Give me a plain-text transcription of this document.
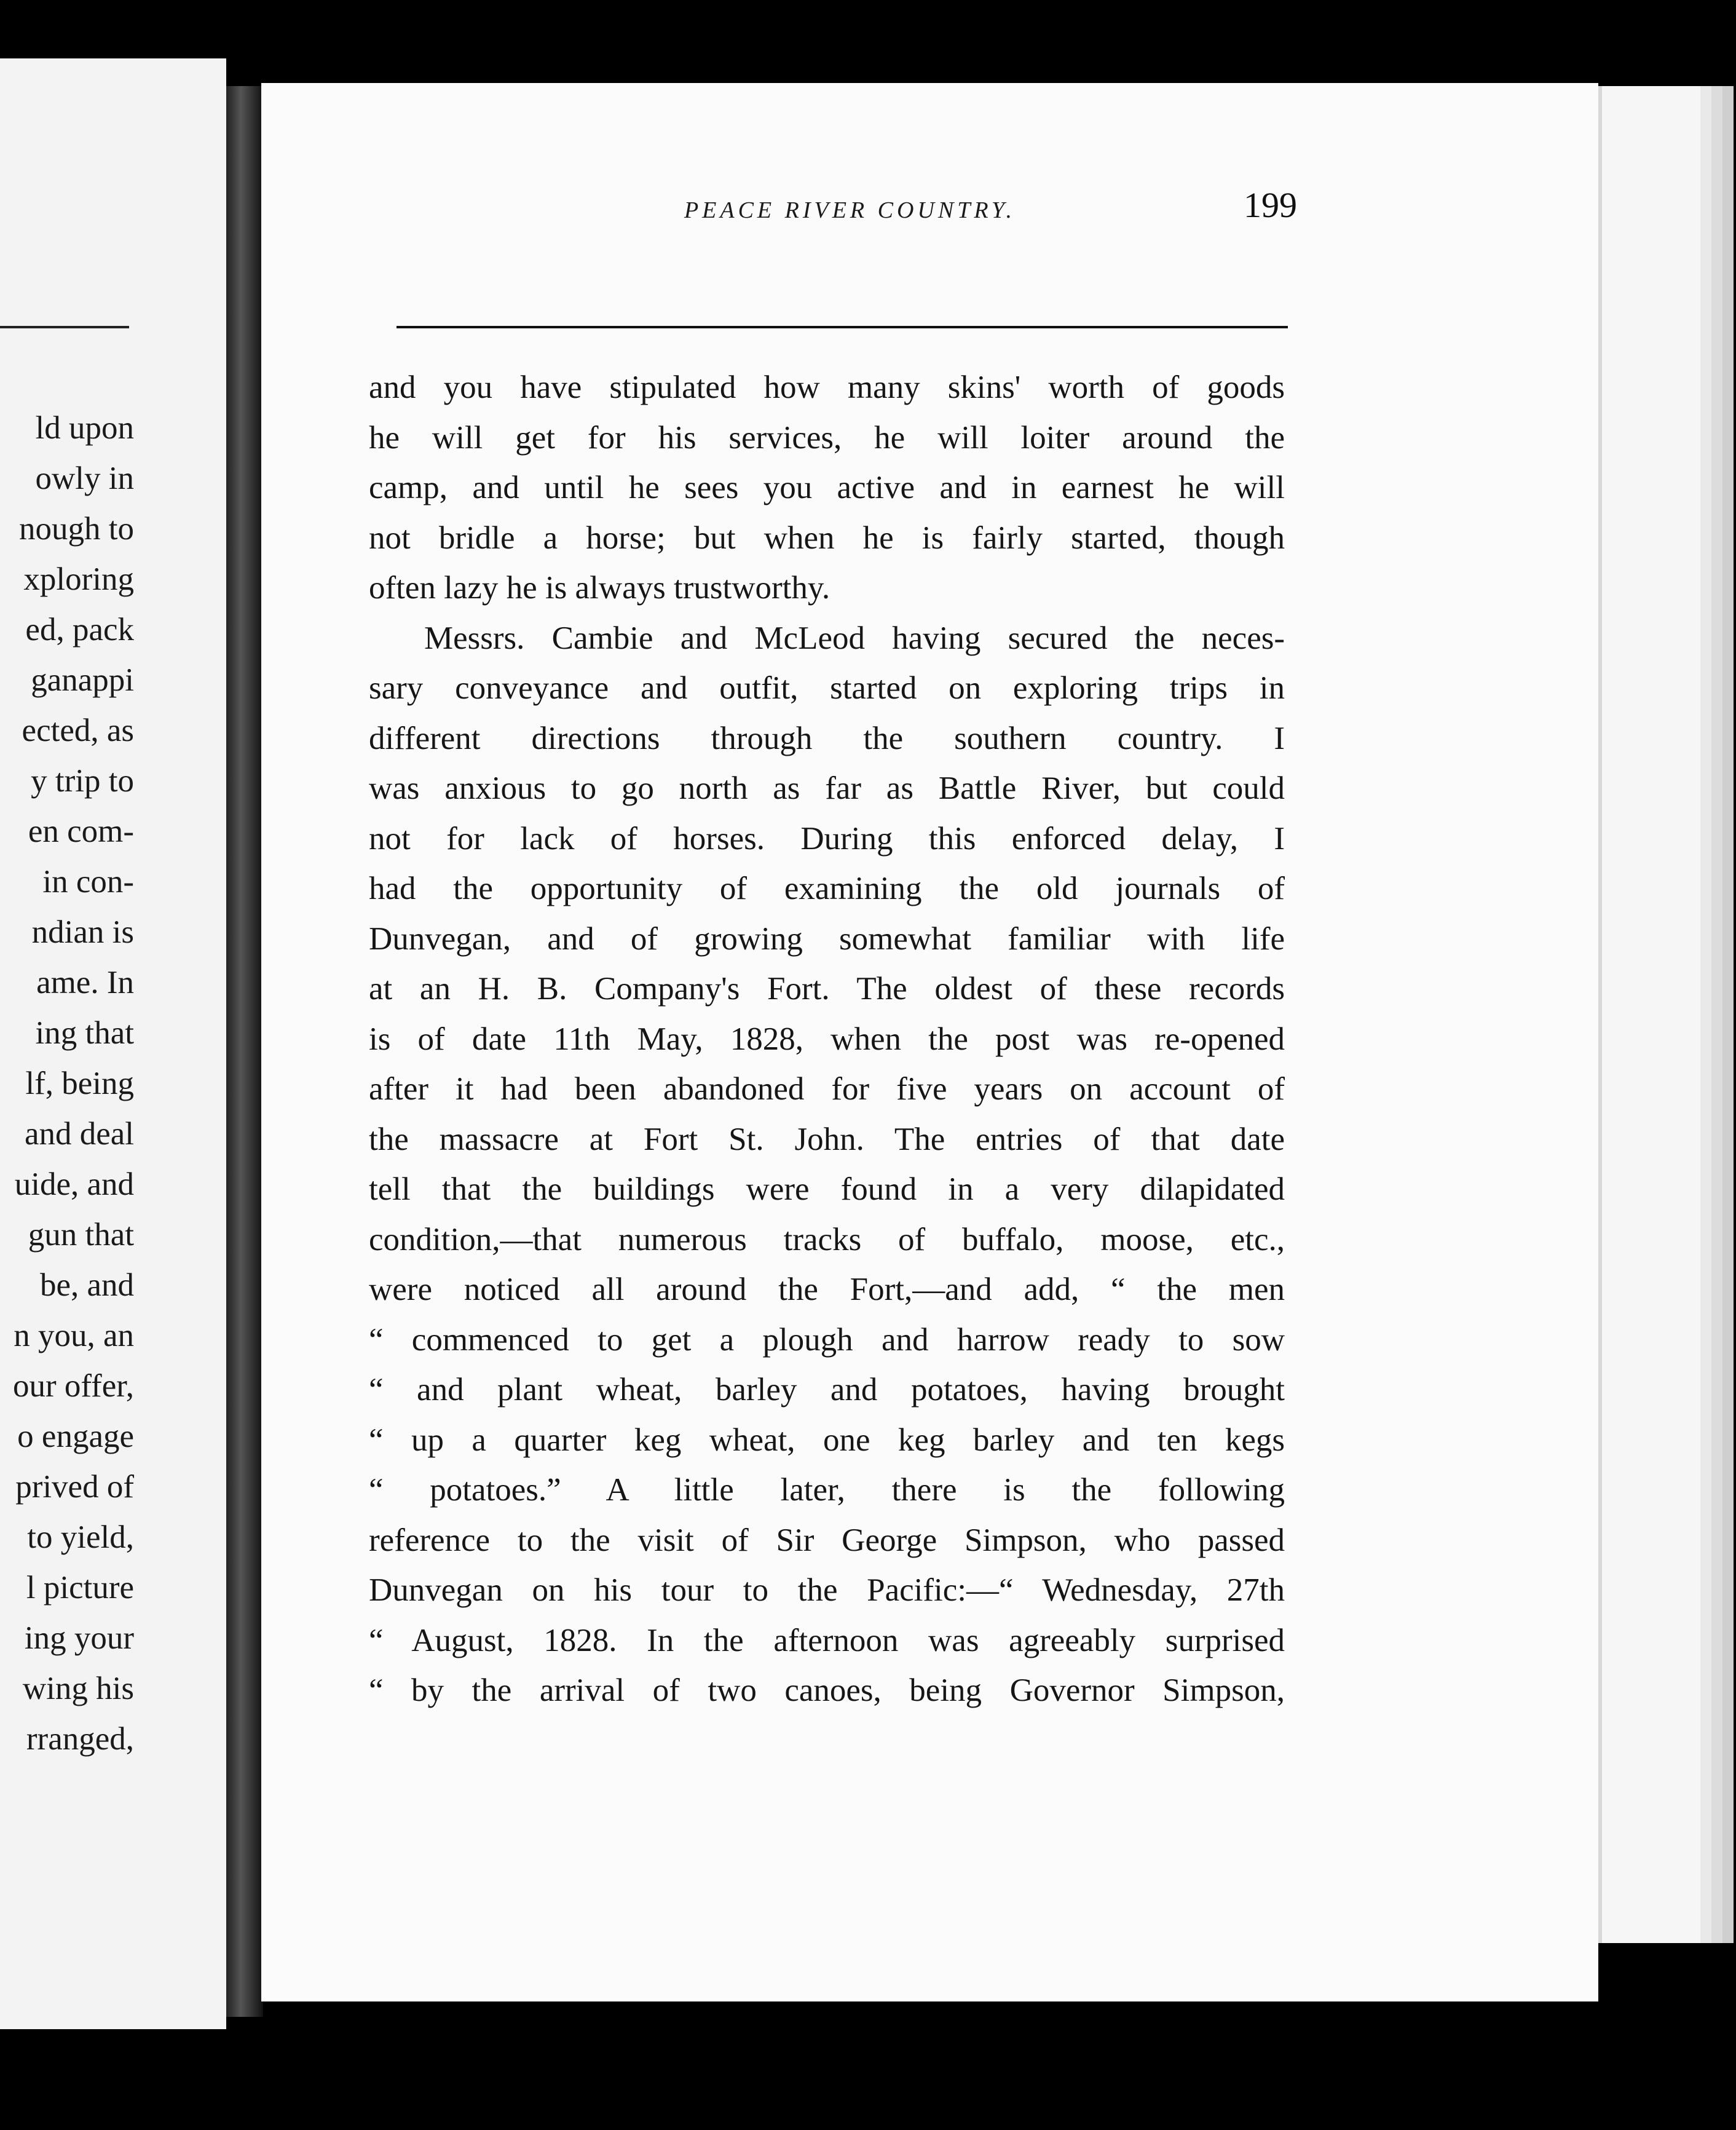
ld upon
owly in
nough to
xploring
ed, pack
ganappi
ected, as
y trip to
en com-
in con-
ndian is
ame. In
ing that
lf, being
and deal
uide, and
gun that
be, and
n you, an
our offer,
o engage
prived of
to yield,
l picture
ing your
wing his
rranged,
PEACE RIVER COUNTRY.	199
and you have stipulated how many skins' worth of goods
he will get for his services, he will loiter around the
camp, and until he sees you active and in earnest he will
not bridle a horse; but when he is fairly started, though
often lazy he is always trustworthy.
Messrs. Cambie and McLeod having secured the neces-
sary conveyance and outfit, started on exploring trips in
different directions through the southern country. I
was anxious to go north as far as Battle River, but could
not for lack of horses. During this enforced delay, I
had the opportunity of examining the old journals of
Dunvegan, and of growing somewhat familiar with life
at an H. B. Company's Fort. The oldest of these records
is of date 11th May, 1828, when the post was re-opened
after it had been abandoned for five years on account of
the massacre at Fort St. John. The entries of that date
tell that the buildings were found in a very dilapidated
condition,—that numerous tracks of buffalo, moose, etc.,
were noticed all around the Fort,—and add, “ the men
“ commenced to get a plough and harrow ready to sow
“ and plant wheat, barley and potatoes, having brought
“ up a quarter keg wheat, one keg barley and ten kegs
“ potatoes.” A little later, there is the following
reference to the visit of Sir George Simpson, who passed
Dunvegan on his tour to the Pacific:—“ Wednesday, 27th
“ August, 1828. In the afternoon was agreeably surprised
“ by the arrival of two canoes, being Governor Simpson,
